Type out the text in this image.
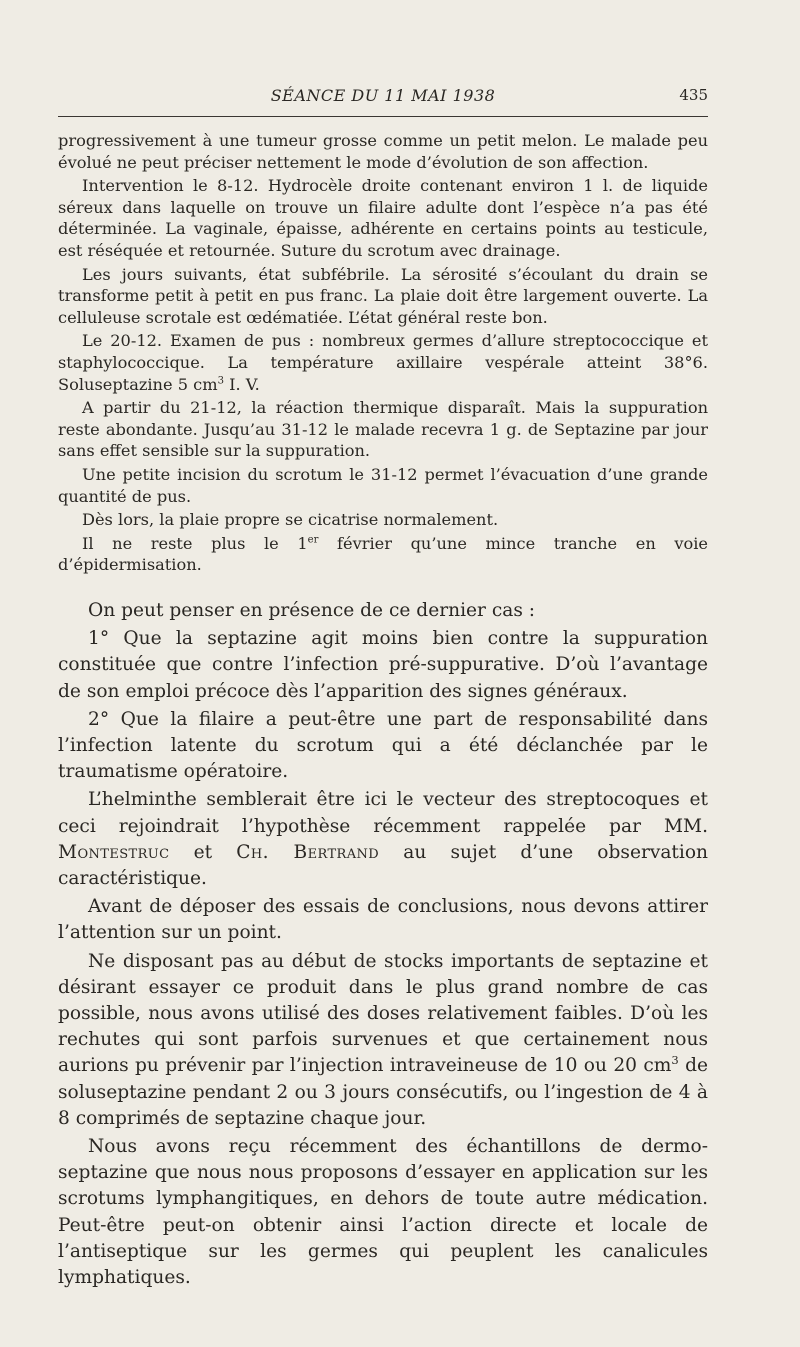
SÉANCE DU 11 MAI 1938	435

progressivement à une tumeur grosse comme un petit melon. Le malade peu évolué ne peut préciser nettement le mode d’évolution de son affection.

Intervention le 8-12. Hydrocèle droite contenant environ 1 l. de liquide séreux dans laquelle on trouve un filaire adulte dont l’espèce n’a pas été déterminée. La vaginale, épaisse, adhérente en certains points au testicule, est réséquée et retournée. Suture du scrotum avec drainage.

Les jours suivants, état subfébrile. La sérosité s’écoulant du drain se transforme petit à petit en pus franc. La plaie doit être largement ouverte. La celluleuse scrotale est œdématiée. L’état général reste bon.

Le 20-12. Examen de pus : nombreux germes d’allure streptococcique et staphylococcique. La température axillaire vespérale atteint 38°6. Soluseptazine 5 $cm^3$ I. V.

A partir du 21-12, la réaction thermique disparaît. Mais la suppuration reste abondante. Jusqu’au 31-12 le malade recevra 1 g. de Septazine par jour sans effet sensible sur la suppuration.

Une petite incision du scrotum le 31-12 permet l’évacuation d’une grande quantité de pus.

Dès lors, la plaie propre se cicatrise normalement.

Il ne reste plus le 1er février qu’une mince tranche en voie d’épidermisation.

On peut penser en présence de ce dernier cas :

1° Que la septazine agit moins bien contre la suppuration constituée que contre l’infection pré-suppurative. D’où l’avantage de son emploi précoce dès l’apparition des signes généraux.

2° Que la filaire a peut-être une part de responsabilité dans l’infection latente du scrotum qui a été déclanchée par le traumatisme opératoire.

L’helminthe semblerait être ici le vecteur des streptocoques et ceci rejoindrait l’hypothèse récemment rappelée par MM. Montestruc et Ch. Bertrand au sujet d’une observation caractéristique.

Avant de déposer des essais de conclusions, nous devons attirer l’attention sur un point.

Ne disposant pas au début de stocks importants de septazine et désirant essayer ce produit dans le plus grand nombre de cas possible, nous avons utilisé des doses relativement faibles. D’où les rechutes qui sont parfois survenues et que certainement nous aurions pu prévenir par l’injection intraveineuse de 10 ou 20 $cm^3$ de soluseptazine pendant 2 ou 3 jours consécutifs, ou l’ingestion de 4 à 8 comprimés de septazine chaque jour.

Nous avons reçu récemment des échantillons de dermo-septazine que nous nous proposons d’essayer en application sur les scrotums lymphangitiques, en dehors de toute autre médication. Peut-être peut-on obtenir ainsi l’action directe et locale de l’antiseptique sur les germes qui peuplent les canalicules lymphatiques.
